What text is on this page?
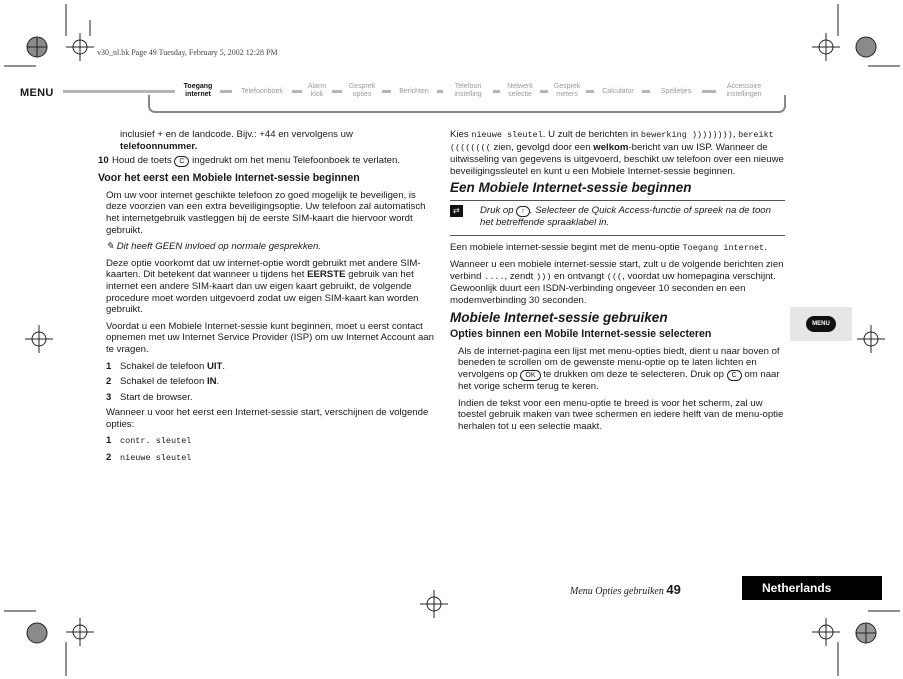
v30_nl.bk Page 49 Tuesday, February 5, 2002 12:28 PM
MENU
Toegang
internet	Telefoonboek
Alarm
klok
Gesprek
opties	Berichten
Telefoon
instelling
Netwerk
selectie
Gesprek
meters	Calculator	Spelletjes
Accessoire
instellingen

inclusief + en de landcode. Bijv.: +44 en vervolgens uw
telefoonnummer.

10 Houd de toets C ingedrukt om het menu Telefoonboek te verlaten.

Voor het eerst een Mobiele Internet-sessie beginnen

Om uw voor internet geschikte telefoon zo goed mogelijk te beveiligen, is deze voorzien van een extra beveiligingsoptie. Uw telefoon zal automatisch het internetgebruik vastleggen bij de eerste SIM-kaart die hiervoor wordt gebruikt.

✎ Dit heeft GEEN invloed op normale gesprekken.

Deze optie voorkomt dat uw internet-optie wordt gebruikt met andere SIM-kaarten. Dit betekent dat wanneer u tijdens het EERSTE gebruik van het internet een andere SIM-kaart dan uw eigen kaart gebruikt, de volgende procedure moet worden uitgevoerd zodat uw eigen SIM-kaart kan worden gebruikt.

Voordat u een Mobiele Internet-sessie kunt beginnen, moet u eerst contact opnemen met uw Internet Service Provider (ISP) om uw Internet Account aan te vragen.

1 Schakel de telefoon UIT.
2 Schakel de telefoon IN.
3 Start de browser.

Wanneer u voor het eerst een Internet-sessie start, verschijnen de volgende opties:

1 contr. sleutel
2 nieuwe sleutel

Kies nieuwe sleutel. U zult de berichten in bewerking )))))))), bereikt (((((((( zien, gevolgd door een welkom-bericht van uw ISP. Wanneer de uitwisseling van gegevens is uitgevoerd, beschikt uw telefoon over een nieuwe beveiligingssleutel en kunt u een Mobiele Internet-sessie beginnen.

Een Mobiele Internet-sessie beginnen

⇄	Druk op ↑ . Selecteer de Quick Access-functie of spreek na de toon het betreffende spraaklabel in.

Een mobiele internet-sessie begint met de menu-optie Toegang internet.

Wanneer u een mobiele internet-sessie start, zult u de volgende berichten zien verbind ...., zendt ))) en ontvangt (((, voordat uw homepagina verschijnt. Gewoonlijk duurt een ISDN-verbinding ongeveer 10 seconden en een modemverbinding 30 seconden.

Mobiele Internet-sessie gebruiken
Opties binnen een Mobile Internet-sessie selecteren

Als de internet-pagina een lijst met menu-opties biedt, dient u naar boven of beneden te scrollen om de gewenste menu-optie op te laten lichten en vervolgens op OK te drukken om deze te selecteren. Druk op C om naar het vorige scherm terug te keren.

Indien de tekst voor een menu-optie te breed is voor het scherm, zal uw toestel gebruik maken van twee schermen en iedere helft van de menu-optie herhalen tot u een selectie maakt.

MENU
Menu Opties gebruiken 49	Netherlands
